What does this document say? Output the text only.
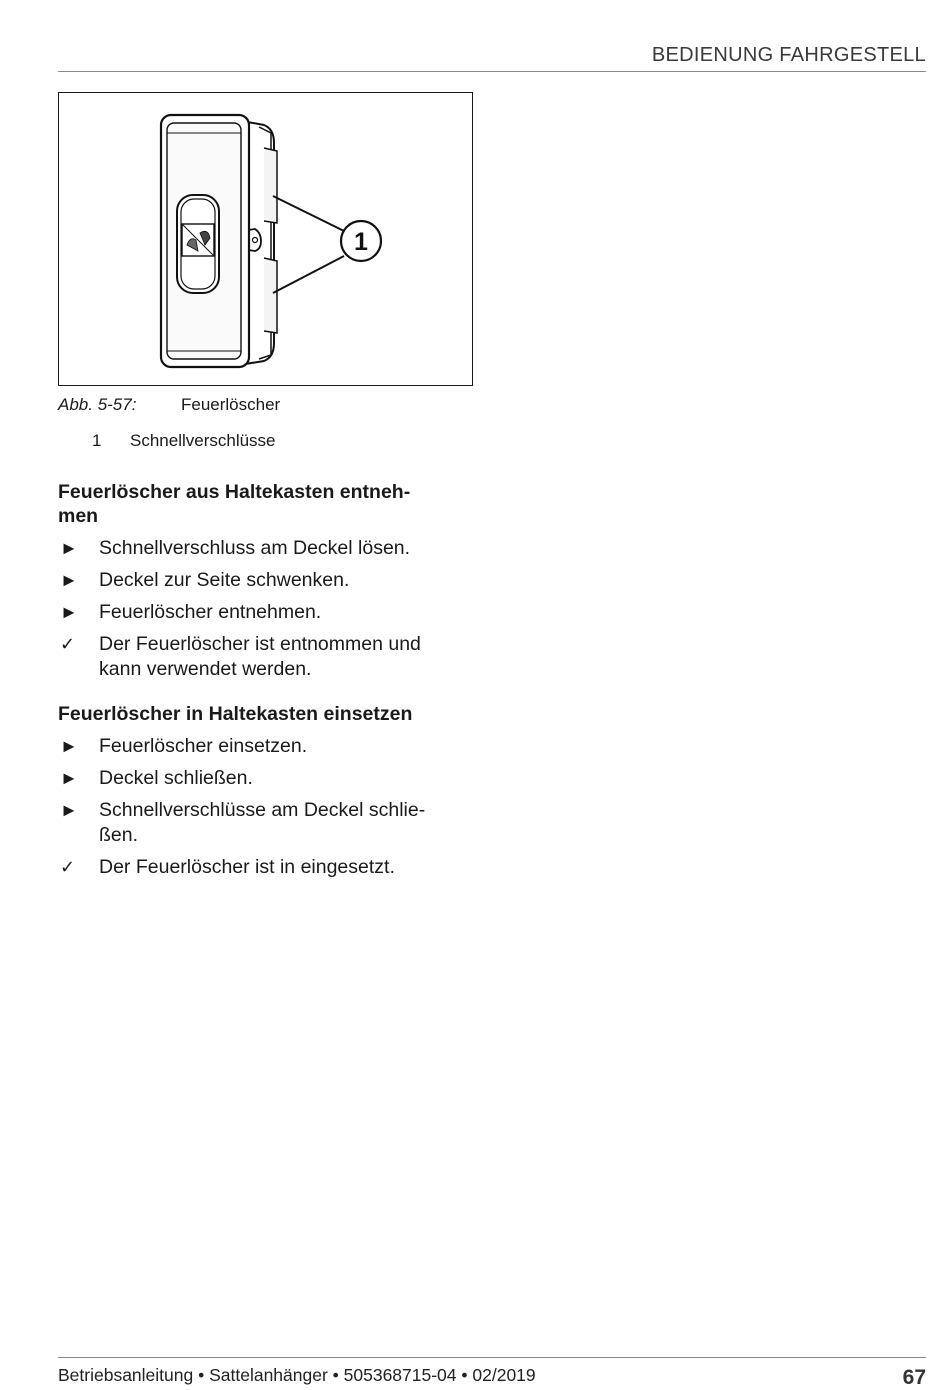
BEDIENUNG FAHRGESTELL
1
Abb. 5-57:	Feuerlöscher
1 Schnellverschlüsse
Feuerlöscher aus Haltekasten entneh-
men
► Schnellverschluss am Deckel lösen.
► Deckel zur Seite schwenken.
► Feuerlöscher entnehmen.
✓ Der Feuerlöscher ist entnommen und
kann verwendet werden.
Feuerlöscher in Haltekasten einsetzen
► Feuerlöscher einsetzen.
► Deckel schließen.
► Schnellverschlüsse am Deckel schlie-
ßen.
✓ Der Feuerlöscher ist in eingesetzt.
Betriebsanleitung • Sattelanhänger • 505368715-04 • 02/2019	67
